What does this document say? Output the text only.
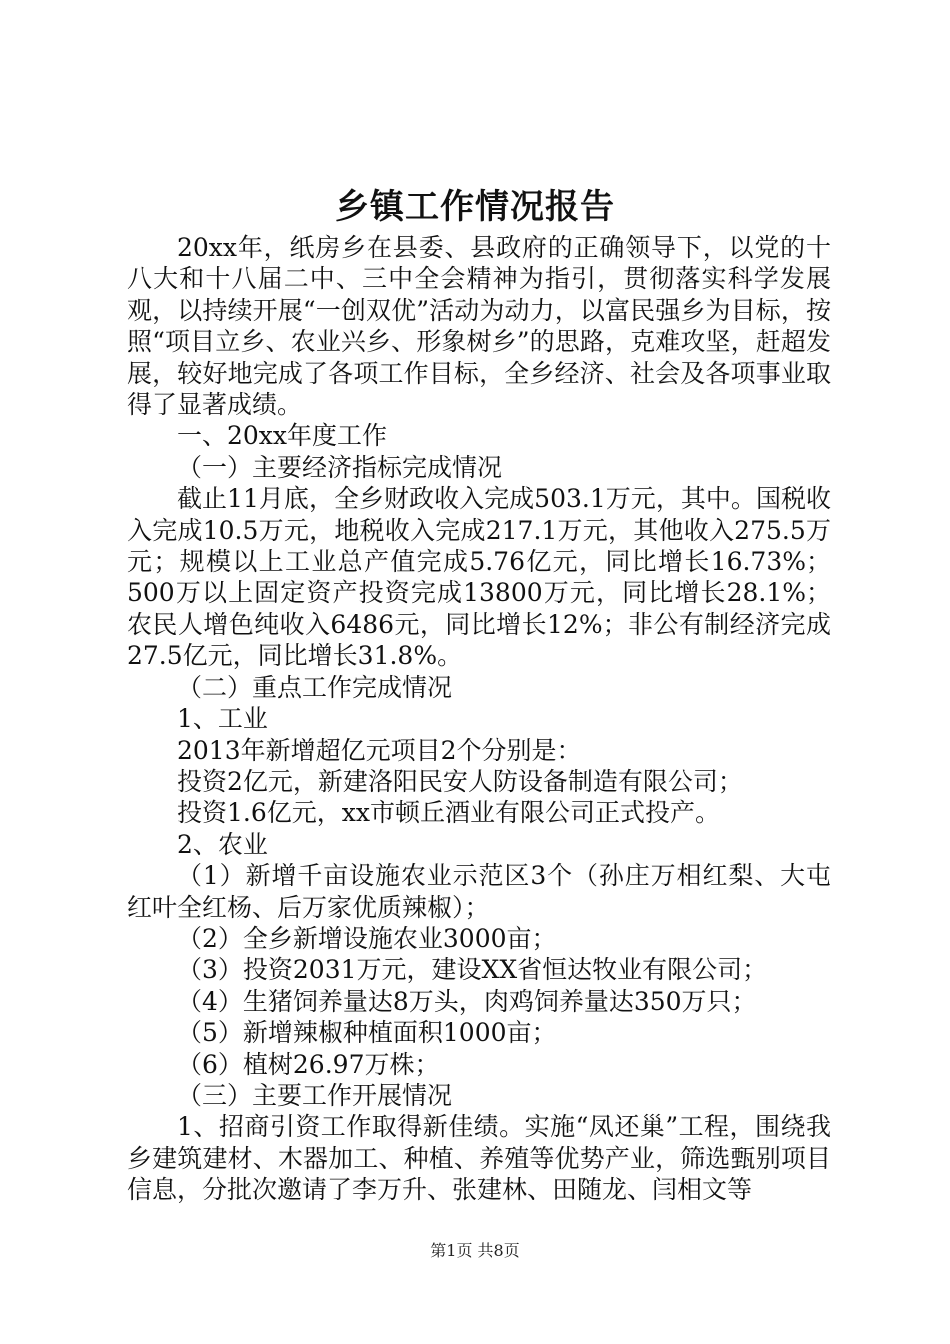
乡镇工作情况报告

20xx年，纸房乡在县委、县政府的正确领导下，以党的十八大和十八届二中、三中全会精神为指引，贯彻落实科学发展观，以持续开展“一创双优”活动为动力，以富民强乡为目标，按照“项目立乡、农业兴乡、形象树乡”的思路，克难攻坚，赶超发展，较好地完成了各项工作目标，全乡经济、社会及各项事业取得了显著成绩。

一、20xx年度工作

（一）主要经济指标完成情况

截止11月底，全乡财政收入完成503.1万元，其中。国税收入完成10.5万元，地税收入完成217.1万元，其他收入275.5万元；规模以上工业总产值完成5.76亿元，同比增长16.73%；500万以上固定资产投资完成13800万元，同比增长28.1%；农民人增色纯收入6486元，同比增长12%；非公有制经济完成27.5亿元，同比增长31.8%。

（二）重点工作完成情况

1、工业

2013年新增超亿元项目2个分别是：

投资2亿元，新建洛阳民安人防设备制造有限公司；

投资1.6亿元，xx市顿丘酒业有限公司正式投产。

2、农业

（1）新增千亩设施农业示范区3个（孙庄万相红梨、大屯红叶全红杨、后万家优质辣椒）；

（2）全乡新增设施农业3000亩；

（3）投资2031万元，建设XX省恒达牧业有限公司；

（4）生猪饲养量达8万头，肉鸡饲养量达350万只；

（5）新增辣椒种植面积1000亩；

（6）植树26.97万株；

（三）主要工作开展情况

1、招商引资工作取得新佳绩。实施“凤还巢”工程，围绕我乡建筑建材、木器加工、种植、养殖等优势产业，筛选甄别项目信息，分批次邀请了李万升、张建林、田随龙、闫相文等

第1页 共8页
